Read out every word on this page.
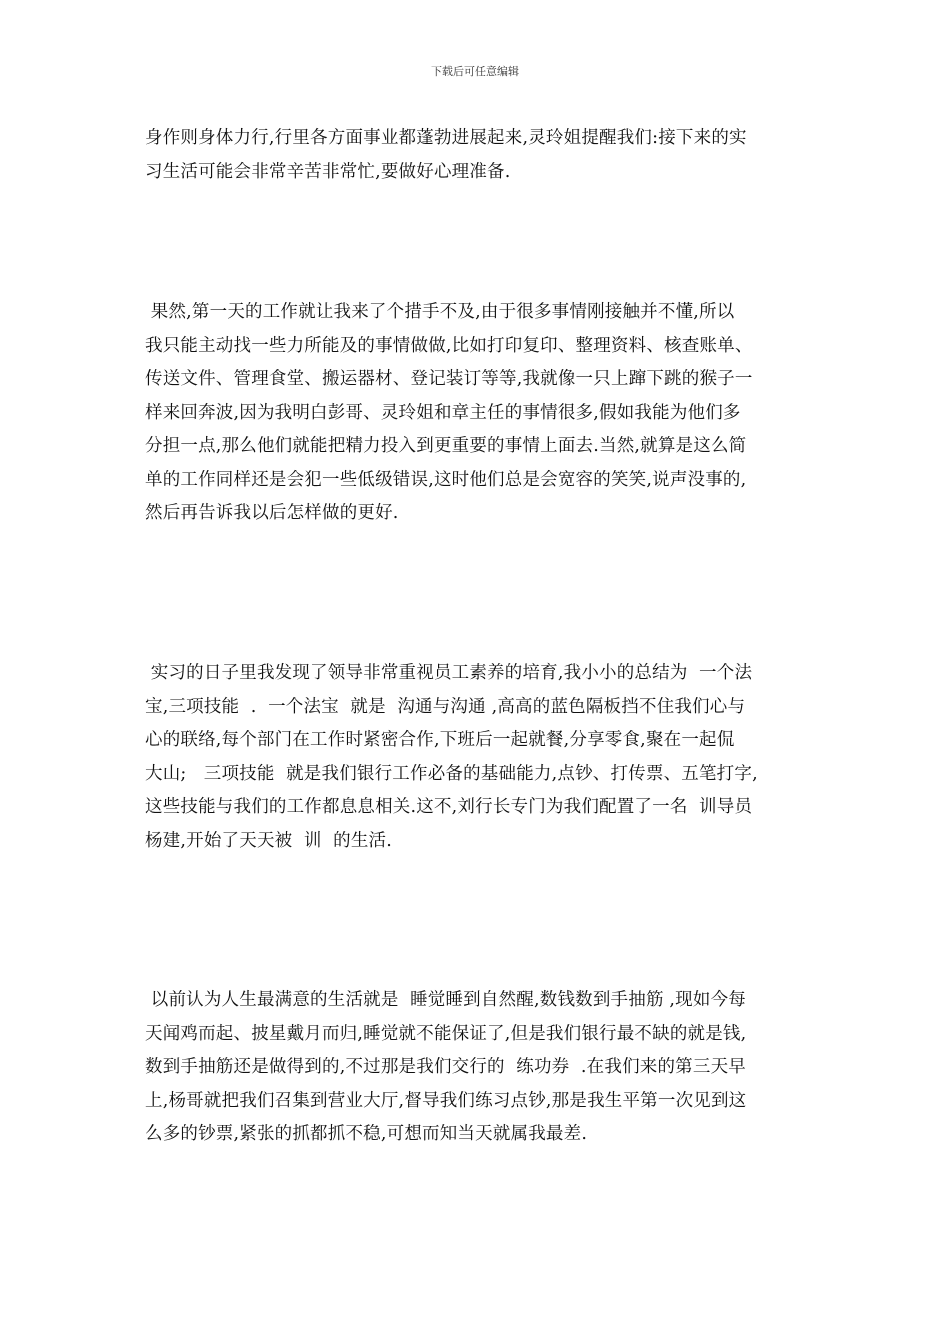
下载后可任意编辑
身作则身体力行,行里各方面事业都蓬勃进展起来,灵玲姐提醒我们:接下来的实
习生活可能会非常辛苦非常忙,要做好心理准备.
果然,第一天的工作就让我来了个措手不及,由于很多事情刚接触并不懂,所以
我只能主动找一些力所能及的事情做做,比如打印复印、整理资料、核查账单、
传送文件、管理食堂、搬运器材、登记装订等等,我就像一只上蹿下跳的猴子一
样来回奔波,因为我明白彭哥、灵玲姐和章主任的事情很多,假如我能为他们多
分担一点,那么他们就能把精力投入到更重要的事情上面去.当然,就算是这么简
单的工作同样还是会犯一些低级错误,这时他们总是会宽容的笑笑,说声没事的,
然后再告诉我以后怎样做的更好.
实习的日子里我发现了领导非常重视员工素养的培育,我小小的总结为  一个法
宝,三项技能  .  一个法宝  就是  沟通与沟通 ,高高的蓝色隔板挡不住我们心与
心的联络,每个部门在工作时紧密合作,下班后一起就餐,分享零食,聚在一起侃
大山;   三项技能  就是我们银行工作必备的基础能力,点钞、打传票、五笔打字,
这些技能与我们的工作都息息相关.这不,刘行长专门为我们配置了一名  训导员
杨建,开始了天天被  训  的生活.
以前认为人生最满意的生活就是  睡觉睡到自然醒,数钱数到手抽筋 ,现如今每
天闻鸡而起、披星戴月而归,睡觉就不能保证了,但是我们银行最不缺的就是钱,
数到手抽筋还是做得到的,不过那是我们交行的  练功券  .在我们来的第三天早
上,杨哥就把我们召集到营业大厅,督导我们练习点钞,那是我生平第一次见到这
么多的钞票,紧张的抓都抓不稳,可想而知当天就属我最差.
